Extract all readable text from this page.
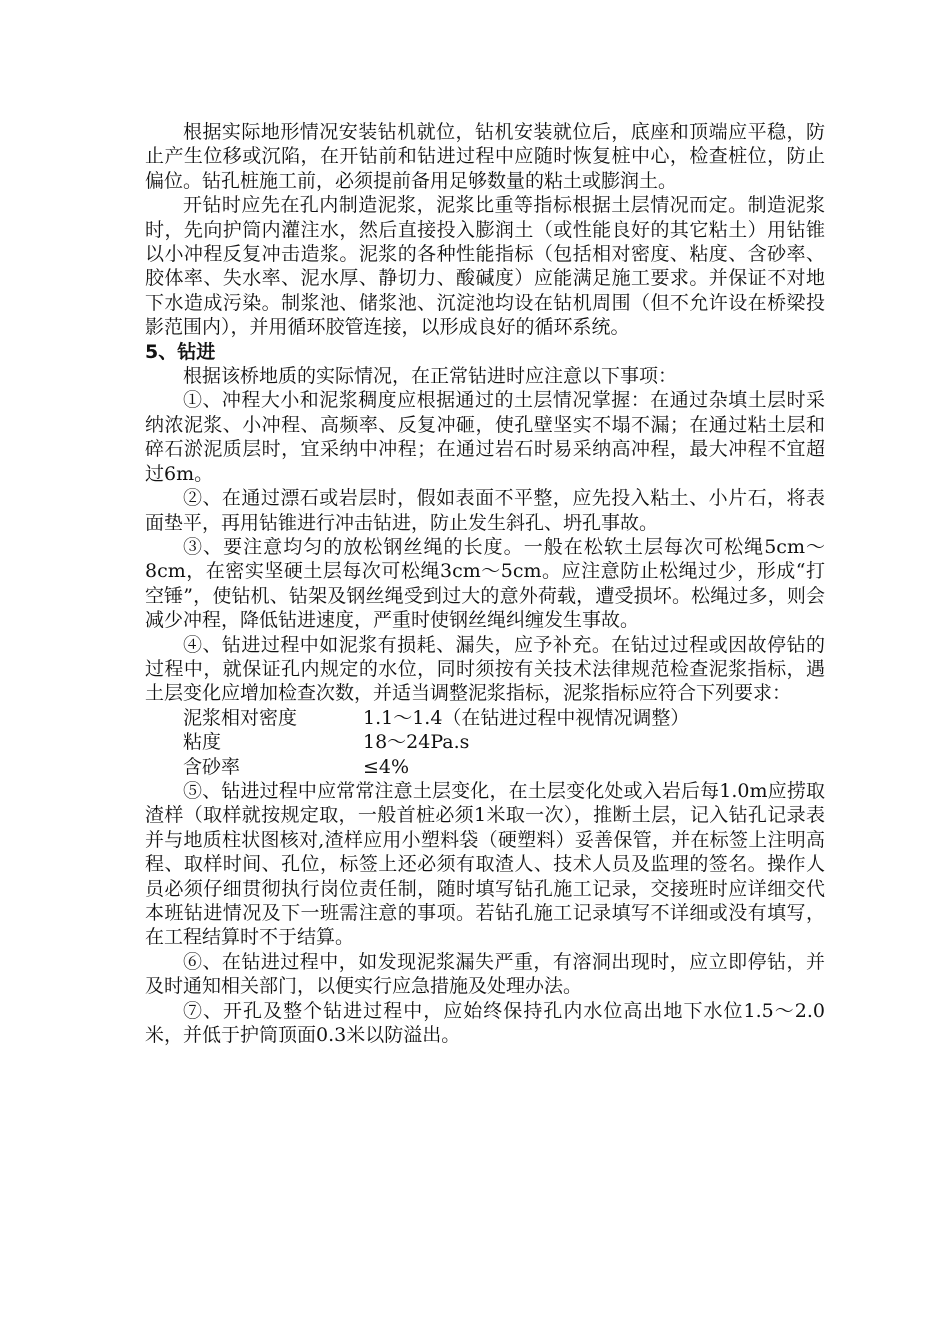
根据实际地形情况安装钻机就位，钻机安装就位后，底座和顶端应平稳，防止产生位移或沉陷，在开钻前和钻进过程中应随时恢复桩中心，检查桩位，防止偏位。钻孔桩施工前，必须提前备用足够数量的粘土或膨润土。

开钻时应先在孔内制造泥浆，泥浆比重等指标根据土层情况而定。制造泥浆时，先向护筒内灌注水，然后直接投入膨润土（或性能良好的其它粘土）用钻锥以小冲程反复冲击造浆。泥浆的各种性能指标（包括相对密度、粘度、含砂率、胶体率、失水率、泥水厚、静切力、酸碱度）应能满足施工要求。并保证不对地下水造成污染。制浆池、储浆池、沉淀池均设在钻机周围（但不允许设在桥梁投影范围内），并用循环胶管连接，以形成良好的循环系统。

5、钻进

根据该桥地质的实际情况，在正常钻进时应注意以下事项：

①、冲程大小和泥浆稠度应根据通过的土层情况掌握：在通过杂填土层时采纳浓泥浆、小冲程、高频率、反复冲砸，使孔壁坚实不塌不漏；在通过粘土层和碎石淤泥质层时，宜采纳中冲程；在通过岩石时易采纳高冲程，最大冲程不宜超过6m。

②、在通过漂石或岩层时，假如表面不平整，应先投入粘土、小片石，将表面垫平，再用钻锥进行冲击钻进，防止发生斜孔、坍孔事故。

③、要注意均匀的放松钢丝绳的长度。一般在松软土层每次可松绳5cm～8cm，在密实坚硬土层每次可松绳3cm～5cm。应注意防止松绳过少，形成“打空锤”，使钻机、钻架及钢丝绳受到过大的意外荷载，遭受损坏。松绳过多，则会减少冲程，降低钻进速度，严重时使钢丝绳纠缠发生事故。

④、钻进过程中如泥浆有损耗、漏失，应予补充。在钻过过程或因故停钻的过程中，就保证孔内规定的水位，同时须按有关技术法律规范检查泥浆指标，遇土层变化应增加检查次数，并适当调整泥浆指标，泥浆指标应符合下列要求：

泥浆相对密度	1.1～1.4（在钻进过程中视情况调整）
粘度	18～24Pa.s
含砂率	≤4%

⑤、钻进过程中应常常注意土层变化，在土层变化处或入岩后每1.0m应捞取渣样（取样就按规定取，一般首桩必须1米取一次），推断土层，记入钻孔记录表并与地质柱状图核对,渣样应用小塑料袋（硬塑料）妥善保管，并在标签上注明高程、取样时间、孔位，标签上还必须有取渣人、技术人员及监理的签名。操作人员必须仔细贯彻执行岗位责任制，随时填写钻孔施工记录，交接班时应详细交代本班钻进情况及下一班需注意的事项。若钻孔施工记录填写不详细或没有填写，在工程结算时不于结算。

⑥、在钻进过程中，如发现泥浆漏失严重，有溶洞出现时，应立即停钻，并及时通知相关部门，以便实行应急措施及处理办法。

⑦、开孔及整个钻进过程中，应始终保持孔内水位高出地下水位1.5～2.0米，并低于护筒顶面0.3米以防溢出。
